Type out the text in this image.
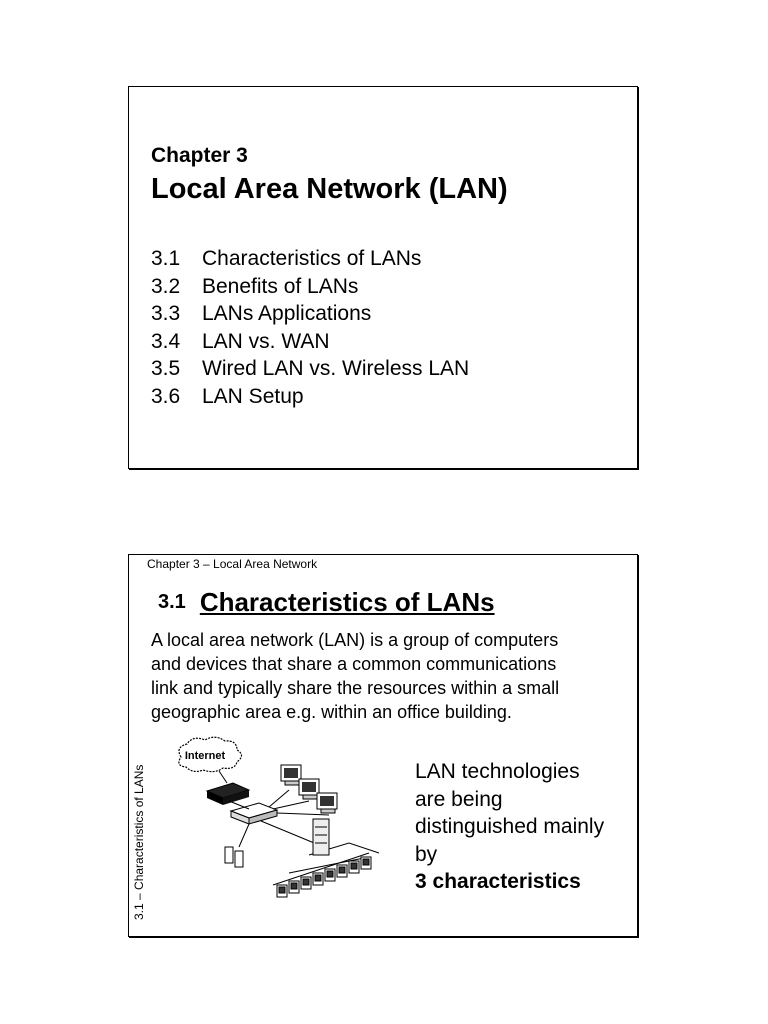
Chapter 3
Local Area Network (LAN)
3.1 Characteristics of LANs
3.2 Benefits of LANs
3.3 LANs Applications
3.4 LAN vs. WAN
3.5 Wired LAN vs. Wireless LAN
3.6 LAN Setup
Chapter 3 – Local Area Network
3.1 – Characteristics of LANs
3.1 Characteristics of LANs
A local area network (LAN) is a group of computers
and devices that share a common communications
link and typically share the resources within a small
geographic area e.g. within an office building.
Internet
LAN technologies
are being
distinguished mainly
by
3 characteristics
